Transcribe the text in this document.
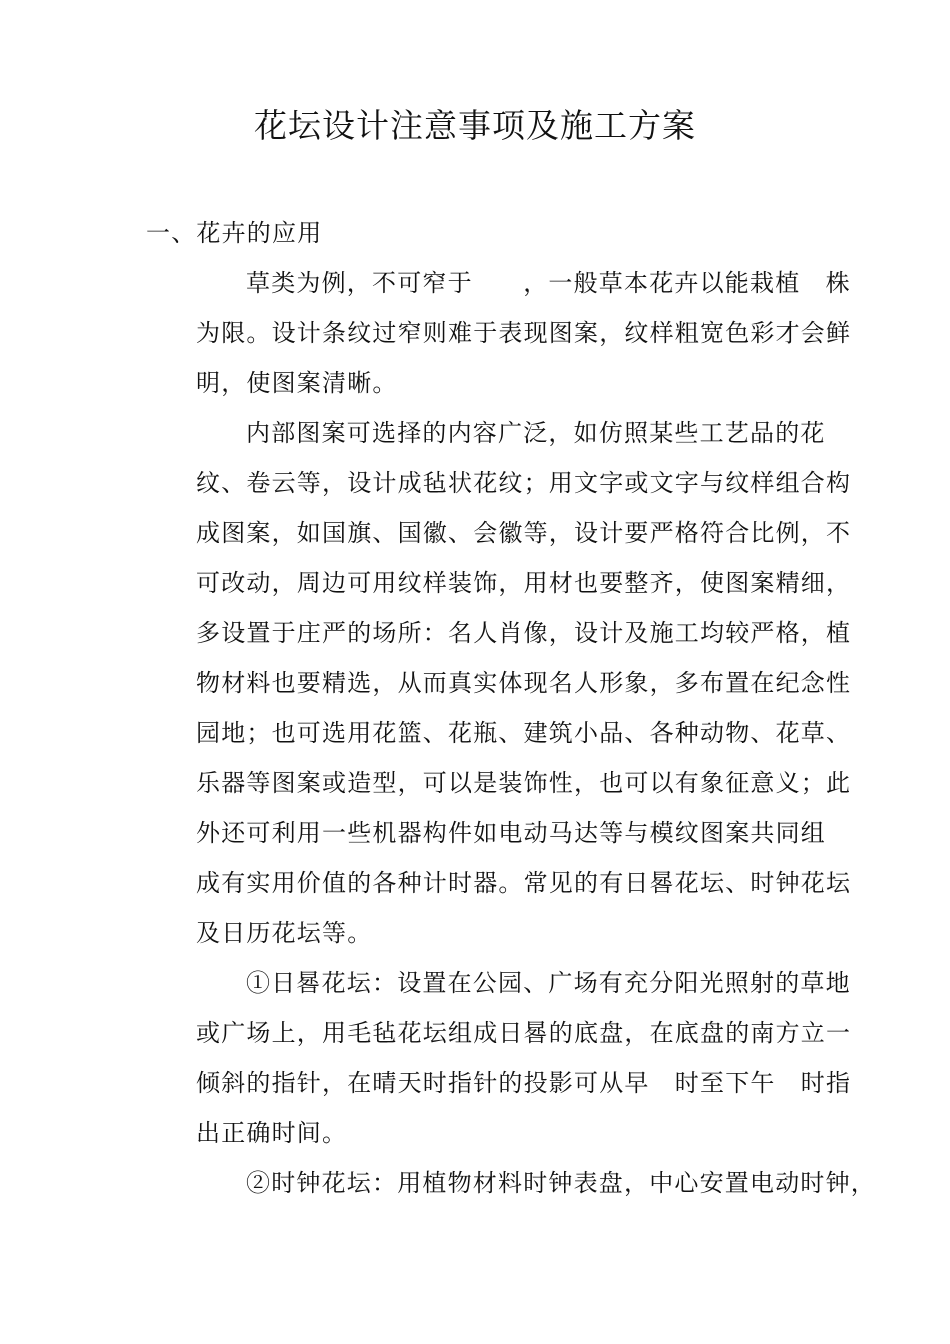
花坛设计注意事项及施工方案
一、花卉的应用
草类为例，不可窄于　　，一般草本花卉以能栽植　株
为限。设计条纹过窄则难于表现图案，纹样粗宽色彩才会鲜
明，使图案清晰。
内部图案可选择的内容广泛，如仿照某些工艺品的花
纹、卷云等，设计成毡状花纹；用文字或文字与纹样组合构
成图案，如国旗、国徽、会徽等，设计要严格符合比例，不
可改动，周边可用纹样装饰，用材也要整齐，使图案精细，
多设置于庄严的场所：名人肖像，设计及施工均较严格，植
物材料也要精选，从而真实体现名人形象，多布置在纪念性
园地；也可选用花篮、花瓶、建筑小品、各种动物、花草、
乐器等图案或造型，可以是装饰性，也可以有象征意义；此
外还可利用一些机器构件如电动马达等与模纹图案共同组
成有实用价值的各种计时器。常见的有日晷花坛、时钟花坛
及日历花坛等。
①日晷花坛：设置在公园、广场有充分阳光照射的草地
或广场上，用毛毡花坛组成日晷的底盘，在底盘的南方立一
倾斜的指针，在晴天时指针的投影可从早　时至下午　时指
出正确时间。
②时钟花坛：用植物材料时钟表盘，中心安置电动时钟，
